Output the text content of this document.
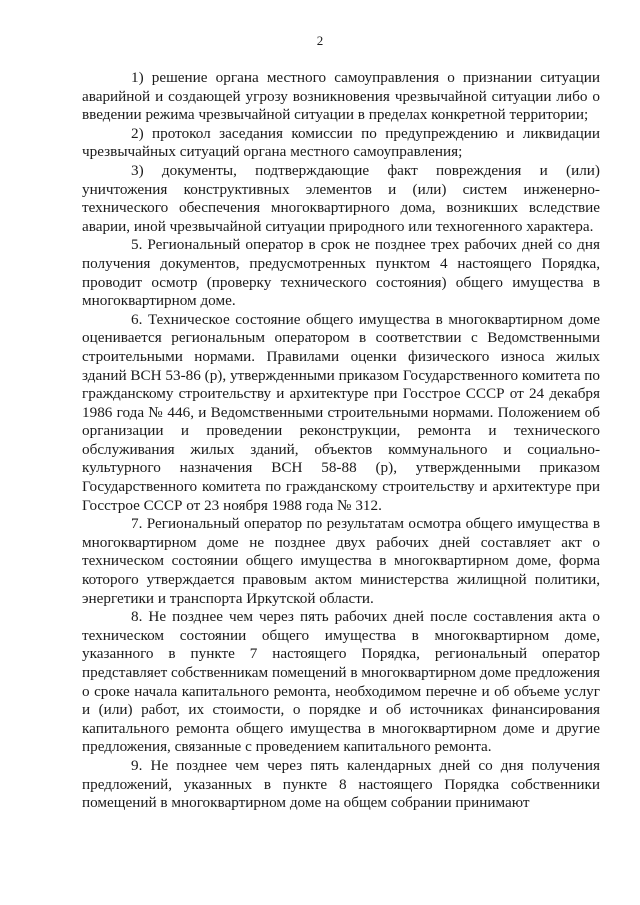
2

1) решение органа местного самоуправления о признании ситуации аварийной и создающей угрозу возникновения чрезвычайной ситуации либо о введении режима чрезвычайной ситуации в пределах конкретной территории;

2) протокол заседания комиссии по предупреждению и ликвидации чрезвычайных ситуаций органа местного самоуправления;

3) документы, подтверждающие факт повреждения и (или) уничтожения конструктивных элементов и (или) систем инженерно-технического обеспечения многоквартирного дома, возникших вследствие аварии, иной чрезвычайной ситуации природного или техногенного характера.

5. Региональный оператор в срок не позднее трех рабочих дней со дня получения документов, предусмотренных пунктом 4 настоящего Порядка, проводит осмотр (проверку технического состояния) общего имущества в многоквартирном доме.

6. Техническое состояние общего имущества в многоквартирном доме оценивается региональным оператором в соответствии с Ведомственными строительными нормами. Правилами оценки физического износа жилых зданий ВСН 53-86 (р), утвержденными приказом Государственного комитета по гражданскому строительству и архитектуре при Госстрое СССР от 24 декабря 1986 года № 446, и Ведомственными строительными нормами. Положением об организации и проведении реконструкции, ремонта и технического обслуживания жилых зданий, объектов коммунального и социально-культурного назначения ВСН 58-88 (р), утвержденными приказом Государственного комитета по гражданскому строительству и архитектуре при Госстрое СССР от 23 ноября 1988 года № 312.

7. Региональный оператор по результатам осмотра общего имущества в многоквартирном доме не позднее двух рабочих дней составляет акт о техническом состоянии общего имущества в многоквартирном доме, форма которого утверждается правовым актом министерства жилищной политики, энергетики и транспорта Иркутской области.

8. Не позднее чем через пять рабочих дней после составления акта о техническом состоянии общего имущества в многоквартирном доме, указанного в пункте 7 настоящего Порядка, региональный оператор представляет собственникам помещений в многоквартирном доме предложения о сроке начала капитального ремонта, необходимом перечне и об объеме услуг и (или) работ, их стоимости, о порядке и об источниках финансирования капитального ремонта общего имущества в многоквартирном доме и другие предложения, связанные с проведением капитального ремонта.

9. Не позднее чем через пять календарных дней со дня получения предложений, указанных в пункте 8 настоящего Порядка собственники помещений в многоквартирном доме на общем собрании принимают
